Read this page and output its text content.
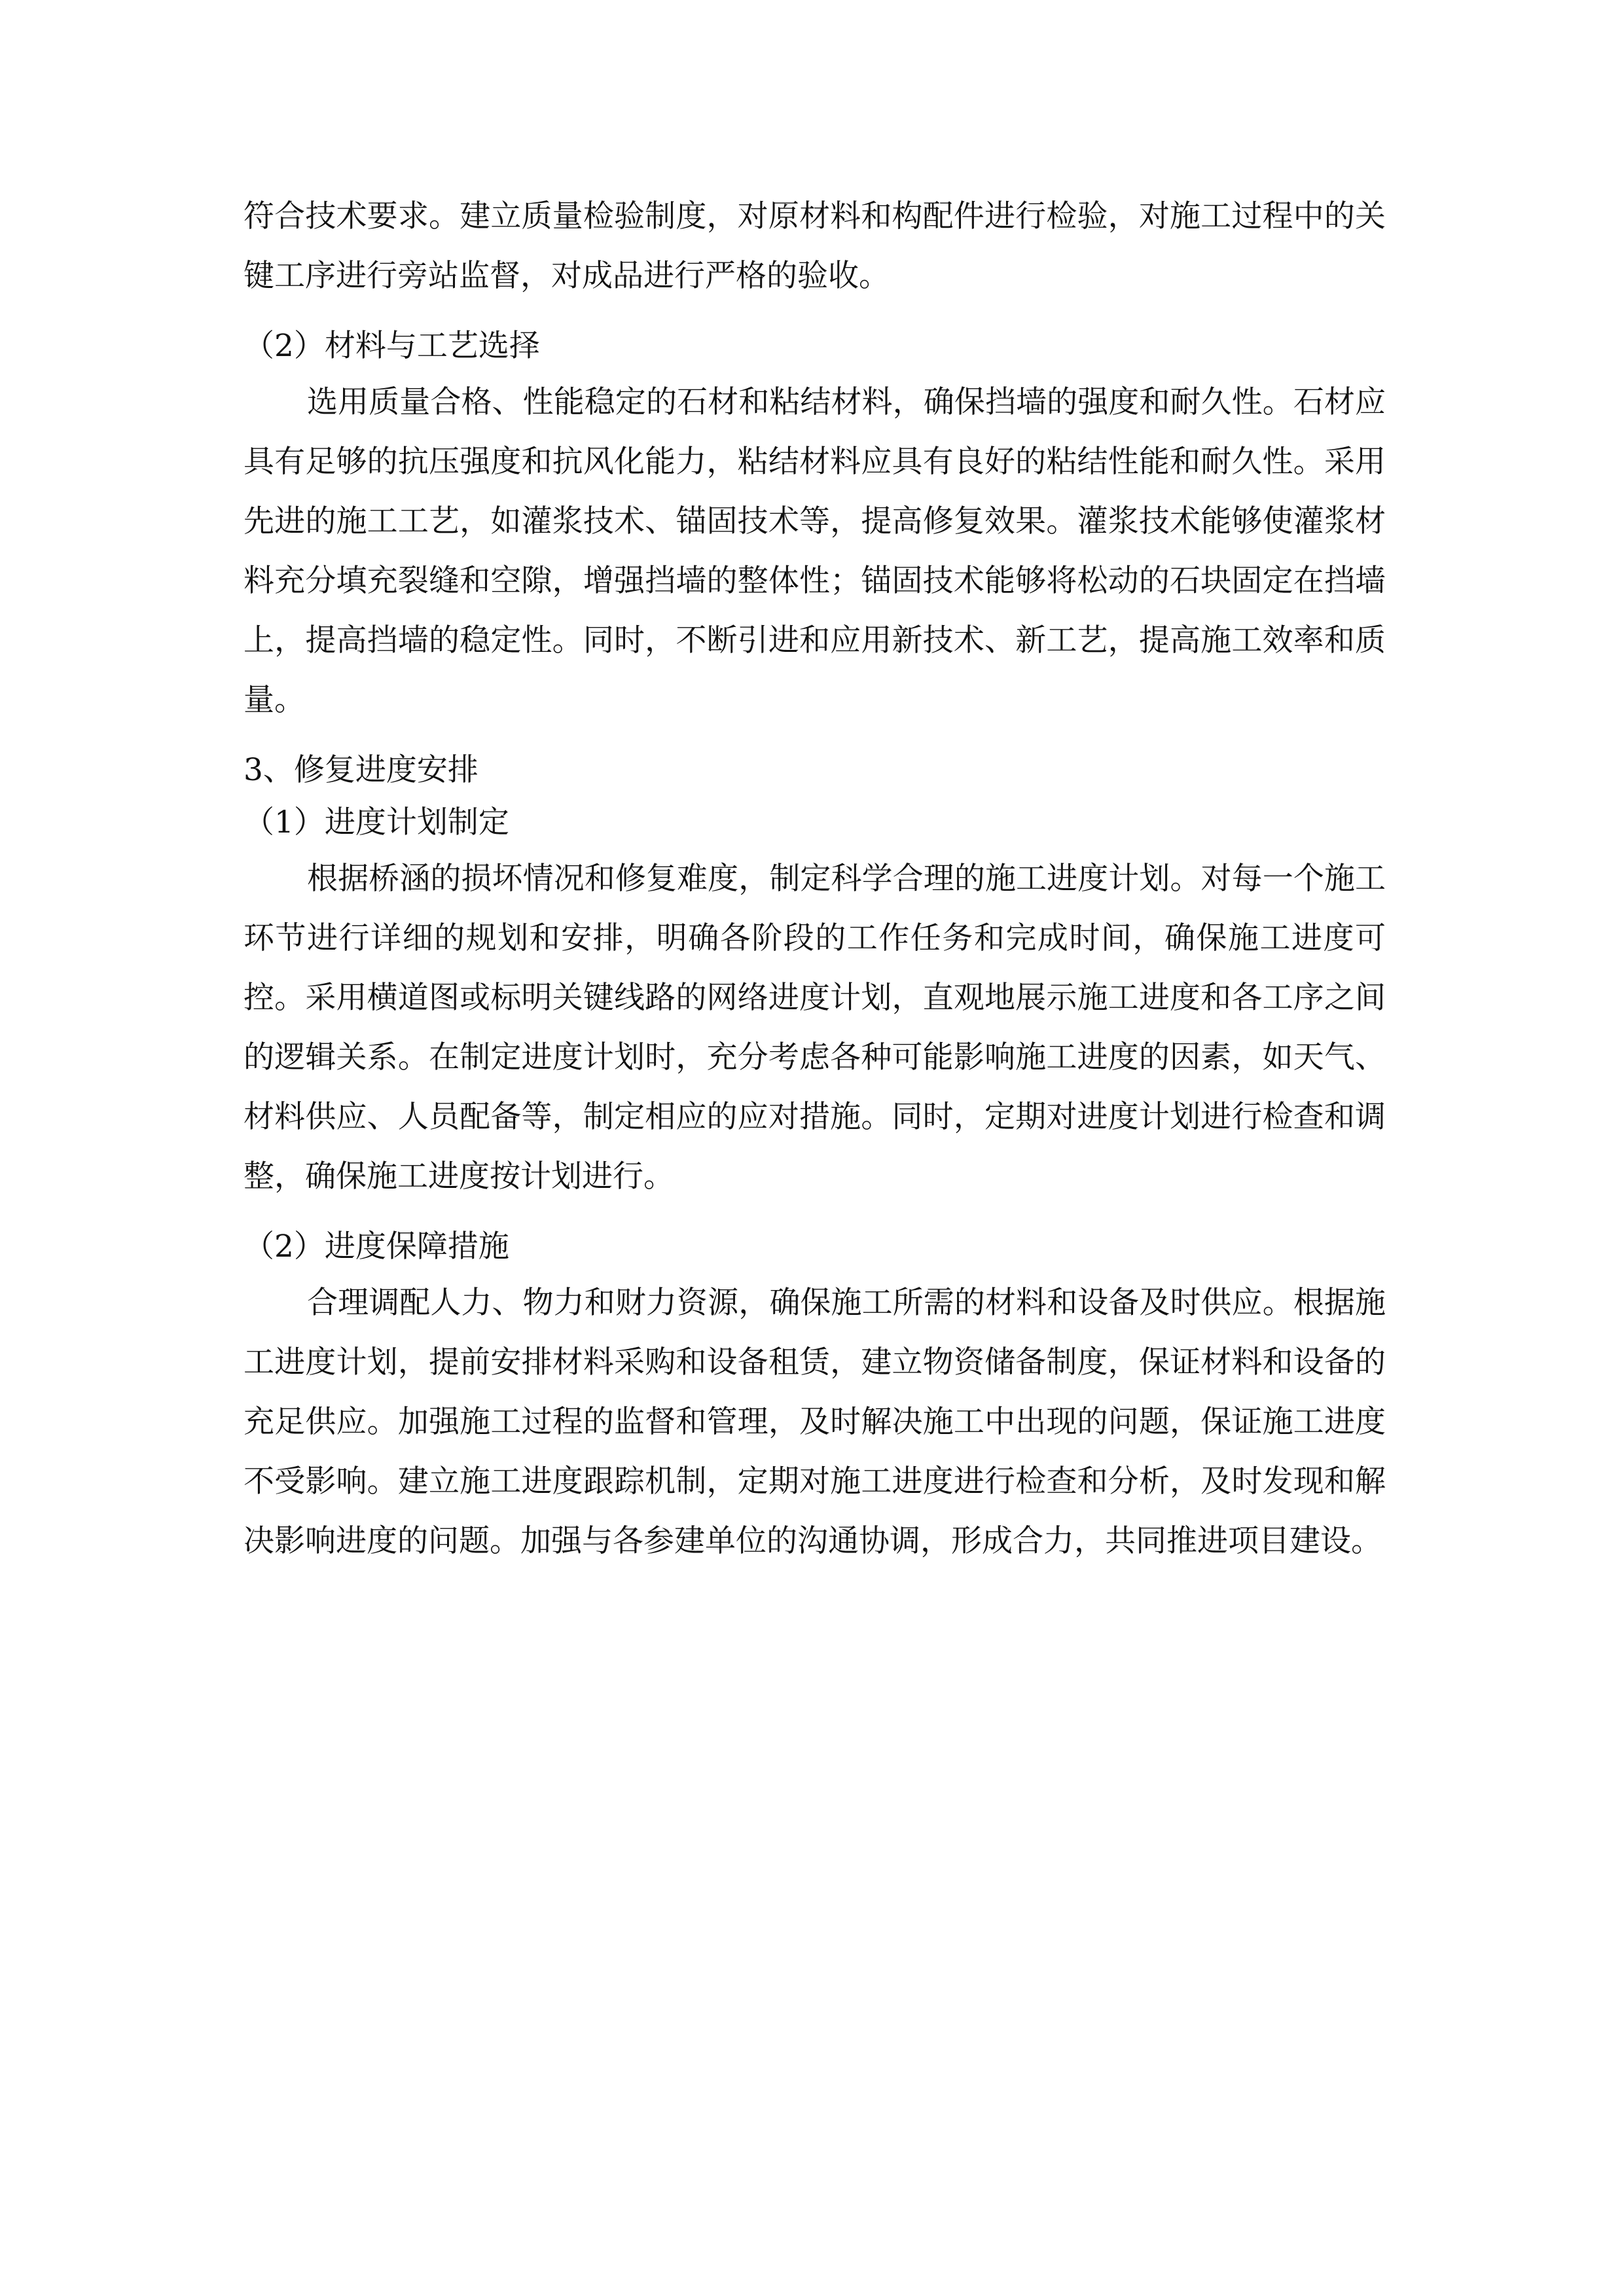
符合技术要求。建立质量检验制度，对原材料和构配件进行检验，对施工过程中的关键工序进行旁站监督，对成品进行严格的验收。

（2）材料与工艺选择

选用质量合格、性能稳定的石材和粘结材料，确保挡墙的强度和耐久性。石材应具有足够的抗压强度和抗风化能力，粘结材料应具有良好的粘结性能和耐久性。采用先进的施工工艺，如灌浆技术、锚固技术等，提高修复效果。灌浆技术能够使灌浆材料充分填充裂缝和空隙，增强挡墙的整体性；锚固技术能够将松动的石块固定在挡墙上，提高挡墙的稳定性。同时，不断引进和应用新技术、新工艺，提高施工效率和质量。

3、修复进度安排

（1）进度计划制定

根据桥涵的损坏情况和修复难度，制定科学合理的施工进度计划。对每一个施工环节进行详细的规划和安排，明确各阶段的工作任务和完成时间，确保施工进度可控。采用横道图或标明关键线路的网络进度计划，直观地展示施工进度和各工序之间的逻辑关系。在制定进度计划时，充分考虑各种可能影响施工进度的因素，如天气、材料供应、人员配备等，制定相应的应对措施。同时，定期对进度计划进行检查和调整，确保施工进度按计划进行。

（2）进度保障措施

合理调配人力、物力和财力资源，确保施工所需的材料和设备及时供应。根据施工进度计划，提前安排材料采购和设备租赁，建立物资储备制度，保证材料和设备的充足供应。加强施工过程的监督和管理，及时解决施工中出现的问题，保证施工进度不受影响。建立施工进度跟踪机制，定期对施工进度进行检查和分析，及时发现和解决影响进度的问题。加强与各参建单位的沟通协调，形成合力，共同推进项目建设。
